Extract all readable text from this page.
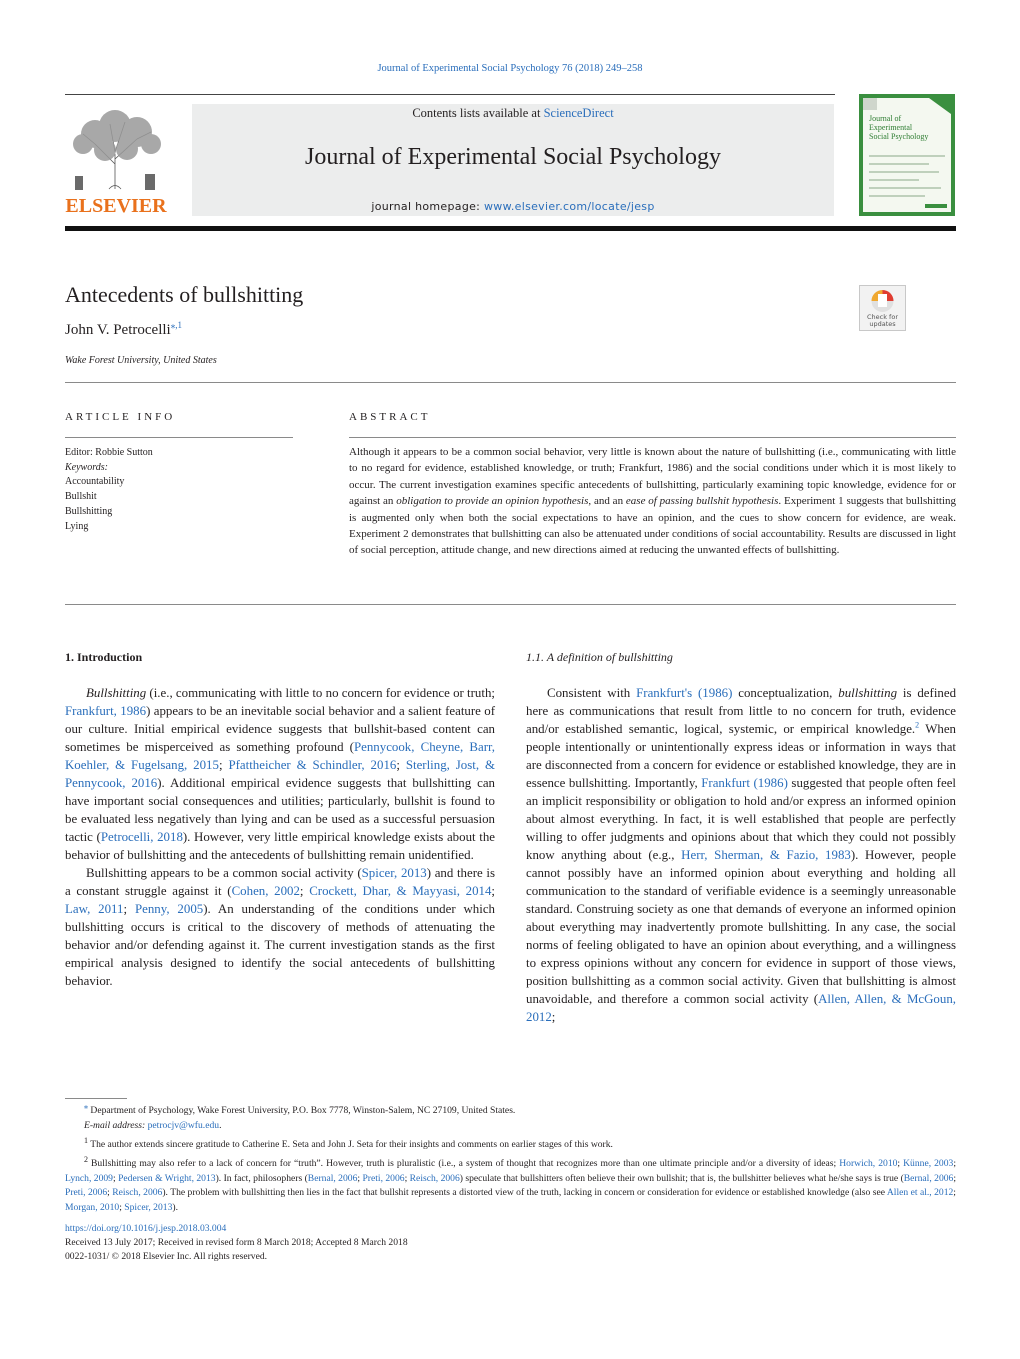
Journal of Experimental Social Psychology 76 (2018) 249–258
ELSEVIER
Contents lists available at ScienceDirect
Journal of Experimental Social Psychology
journal homepage: www.elsevier.com/locate/jesp
Journal of
Experimental
Social Psychology
Antecedents of bullshitting
John V. Petrocelli$^{⁎,1}$
Wake Forest University, United States
Check for
updates
ARTICLE INFO	ABSTRACT
Editor: Robbie Sutton
Keywords:
Accountability
Bullshit
Bullshitting
Lying
Although it appears to be a common social behavior, very little is known about the nature of bullshitting (i.e., communicating with little to no regard for evidence, established knowledge, or truth; Frankfurt, 1986) and the social conditions under which it is most likely to occur. The current investigation examines specific antecedents of bullshitting, particularly examining topic knowledge, evidence for or against an obligation to provide an opinion hypothesis, and an ease of passing bullshit hypothesis. Experiment 1 suggests that bullshitting is augmented only when both the social expectations to have an opinion, and the cues to show concern for evidence, are weak. Experiment 2 demonstrates that bullshitting can also be attenuated under conditions of social accountability. Results are discussed in light of social perception, attitude change, and new directions aimed at reducing the unwanted effects of bullshitting.
1. Introduction	1.1. A definition of bullshitting

Bullshitting (i.e., communicating with little to no concern for evidence or truth; Frankfurt, 1986) appears to be an inevitable social behavior and a salient feature of our culture. Initial empirical evidence suggests that bullshit-based content can sometimes be misperceived as something profound (Pennycook, Cheyne, Barr, Koehler, & Fugelsang, 2015; Pfattheicher & Schindler, 2016; Sterling, Jost, & Pennycook, 2016). Additional empirical evidence suggests that bullshitting can have important social consequences and utilities; particularly, bullshit is found to be evaluated less negatively than lying and can be used as a successful persuasion tactic (Petrocelli, 2018). However, very little empirical knowledge exists about the behavior of bullshitting and the antecedents of bullshitting remain unidentified.

Bullshitting appears to be a common social activity (Spicer, 2013) and there is a constant struggle against it (Cohen, 2002; Crockett, Dhar, & Mayyasi, 2014; Law, 2011; Penny, 2005). An understanding of the conditions under which bullshitting occurs is critical to the discovery of methods of attenuating the behavior and/or defending against it. The current investigation stands as the first empirical analysis designed to identify the social antecedents of bullshitting behavior.

Consistent with Frankfurt's (1986) conceptualization, bullshitting is defined here as communications that result from little to no concern for truth, evidence and/or established semantic, logical, systemic, or empirical knowledge.$^2$ When people intentionally or unintentionally express ideas or information in ways that are disconnected from a concern for evidence or established knowledge, they are in essence bullshitting. Importantly, Frankfurt (1986) suggested that people often feel an implicit responsibility or obligation to hold and/or express an informed opinion about almost everything. In fact, it is well established that people are perfectly willing to offer judgments and opinions about that which they could not possibly know anything about (e.g., Herr, Sherman, & Fazio, 1983). However, people cannot possibly have an informed opinion about everything and holding all communication to the standard of verifiable evidence is a seemingly unreasonable standard. Construing society as one that demands of everyone an informed opinion about everything may inadvertently promote bullshitting. In any case, the social norms of feeling obligated to have an opinion about everything, and a willingness to express opinions without any concern for evidence in support of those views, position bullshitting as a common social activity. Given that bullshitting is almost unavoidable, and therefore a common social activity (Allen, Allen, & McGoun, 2012;

⁎ Department of Psychology, Wake Forest University, P.O. Box 7778, Winston-Salem, NC 27109, United States.

E-mail address: petrocjv@wfu.edu.

$^1$ The author extends sincere gratitude to Catherine E. Seta and John J. Seta for their insights and comments on earlier stages of this work.

$^2$ Bullshitting may also refer to a lack of concern for “truth”. However, truth is pluralistic (i.e., a system of thought that recognizes more than one ultimate principle and/or a diversity of ideas; Horwich, 2010; Künne, 2003; Lynch, 2009; Pedersen & Wright, 2013). In fact, philosophers (Bernal, 2006; Preti, 2006; Reisch, 2006) speculate that bullshitters often believe their own bullshit; that is, the bullshitter believes what he/she says is true (Bernal, 2006; Preti, 2006; Reisch, 2006). The problem with bullshitting then lies in the fact that bullshit represents a distorted view of the truth, lacking in concern or consideration for evidence or established knowledge (also see Allen et al., 2012; Morgan, 2010; Spicer, 2013).

https://doi.org/10.1016/j.jesp.2018.03.004
Received 13 July 2017; Received in revised form 8 March 2018; Accepted 8 March 2018
0022-1031/ © 2018 Elsevier Inc. All rights reserved.
